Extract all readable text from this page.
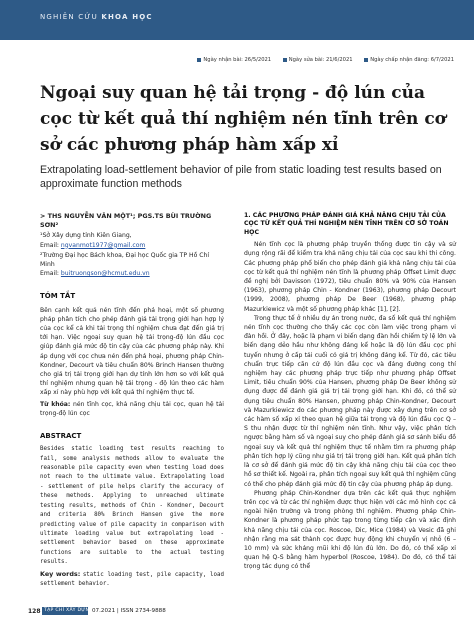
NGHIÊN CỨU KHOA HỌC
Ngày nhận bài: 26/5/2021	Ngày sửa bài: 21/6/2021	Ngày chấp nhận đăng: 6/7/2021
Ngoại suy quan hệ tải trọng - độ lún của cọc từ kết quả thí nghiệm nén tĩnh trên cơ sở các phương pháp hàm xấp xỉ

Extrapolating load-settlement behavior of pile from static loading test results based on approximate function methods

> THS NGUYỄN VĂN MỘT¹; PGS.TS BÙI TRƯỜNG SƠN²
¹Sở Xây dựng tỉnh Kiên Giang,
Email: ngvanmot1977@gmail.com
²Trường Đại học Bách khoa, Đại học Quốc gia TP Hồ Chí Minh
Email: buitruongson@hcmut.edu.vn
TÓM TẮT

Bên cạnh kết quả nén tĩnh đến phá hoại, một số phương pháp phân tích cho phép đánh giá tải trọng giới hạn hợp lý của cọc kể cả khi tải trọng thí nghiệm chưa đạt đến giá trị tới hạn. Việc ngoại suy quan hệ tải trọng-độ lún đầu cọc giúp đánh giá mức độ tin cậy của các phương pháp này. Khi áp dụng với cọc chưa nén đến phá hoại, phương pháp Chin-Kondner, Decourt và tiêu chuẩn 80% Brinch Hansen thường cho giá trị tải trọng giới hạn dự tính lớn hơn so với kết quả thí nghiệm nhưng quan hệ tải trọng - độ lún theo các hàm xấp xỉ này phù hợp với kết quả thí nghiệm thực tế.

Từ khóa: nén tĩnh cọc, khả năng chịu tải cọc, quan hệ tải trọng-độ lún cọc

ABSTRACT

Besides static loading test results reaching to fail, some analysis methods allow to evaluate the reasonable pile capacity even when testing load does not reach to the ultimate value. Extrapolating load - settlement of pile helps clarify the accuracy of these methods. Applying to unreached ultimate testing results, methods of Chin - Kondner, Decourt and criteria 80% Brinch Hansen give the more predicting value of pile capacity in comparison with ultimate loading value but extrapolating load - settlement behavior based on these approximate functions are suitable to the actual testing results.

Key words: static loading test, pile capacity, load settlement behavior.

1. CÁC PHƯƠNG PHÁP ĐÁNH GIÁ KHẢ NĂNG CHỊU TẢI CỦA CỌC TỪ KẾT QUẢ THÍ NGHIỆM NÉN TĨNH TRÊN CƠ SỞ TOÁN HỌC

Nén tĩnh cọc là phương pháp truyền thống được tin cậy và sử dụng rộng rãi để kiểm tra khả năng chịu tải của cọc sau khi thi công. Các phương pháp phổ biến cho phép đánh giá khả năng chịu tải của cọc từ kết quả thí nghiệm nén tĩnh là phương pháp Offset Limit được đề nghị bởi Davisson (1972), tiêu chuẩn 80% và 90% của Hansen (1963), phương pháp Chin - Kondner (1963), phương pháp Decourt (1999, 2008), phương pháp De Beer (1968), phương pháp Mazurkiewicz và một số phương pháp khác [1], [2].

Trong thực tế ở nhiều dự án trong nước, đa số kết quả thí nghiệm nén tĩnh cọc thường cho thấy các cọc còn làm việc trong phạm vi đàn hồi. Ở đây, hoặc là phạm vi biến dạng đàn hồi chiếm tỷ lệ lớn và biến dạng dẻo hầu như không đáng kể hoặc là độ lún đầu cọc phi tuyến nhưng ở cấp tải cuối có giá trị không đáng kể. Từ đó, các tiêu chuẩn trực tiếp căn cứ độ lún đầu cọc và đáng đường cong thí nghiệm hay các phương pháp trực tiếp như phương pháp Offset Limit, tiêu chuẩn 90% của Hansen, phương pháp De Beer không sử dụng được để đánh giá giá trị tải trọng giới hạn. Khi đó, có thể sử dụng tiêu chuẩn 80% Hansen, phương pháp Chin-Kondner, Decourt và Mazurkiewicz do các phương pháp này được xây dựng trên cơ sở các hàm số xấp xỉ theo quan hệ giữa tải trọng và độ lún đầu cọc Q – S thu nhận được từ thí nghiệm nén tĩnh. Như vậy, việc phân tích ngược bằng hàm số và ngoại suy cho phép đánh giá sơ sánh biểu đồ ngoại suy và kết quả thí nghiệm thực tế nhằm tìm ra phương pháp phân tích hợp lý cũng như giá trị tải trọng giới hạn. Kết quả phân tích là cơ sở để đánh giá mức độ tin cậy khả năng chịu tải của cọc theo hồ sơ thiết kế. Ngoài ra, phân tích ngoại suy kết quả thí nghiệm cũng có thể cho phép đánh giá mức độ tin cậy của phương pháp áp dụng.

Phương pháp Chin-Kondner dựa trên các kết quả thực nghiệm trên cọc và từ các thí nghiệm được thực hiện với các mô hình cọc cả ngoài hiện trường và trong phòng thí nghiệm. Phương pháp Chin-Kondner là phương pháp phức tạp trong từng tiếp cận và xác định khả năng chịu tải của cọc. Roscoe, Dic, Mice (1984) và Vesic đã ghi nhận rằng ma sát thành cọc được huy động khi chuyển vị nhỏ (6 – 10 mm) và sức kháng mũi khi độ lún đủ lớn. Do đó, có thể xấp xỉ quan hệ Q-S bằng hàm hyperbol (Roscoe, 1984). Do đó, có thể tải trọng tác dụng có thể

128 TẠP CHÍ XÂY DỰNG
07.2021 | ISSN 2734-9888
